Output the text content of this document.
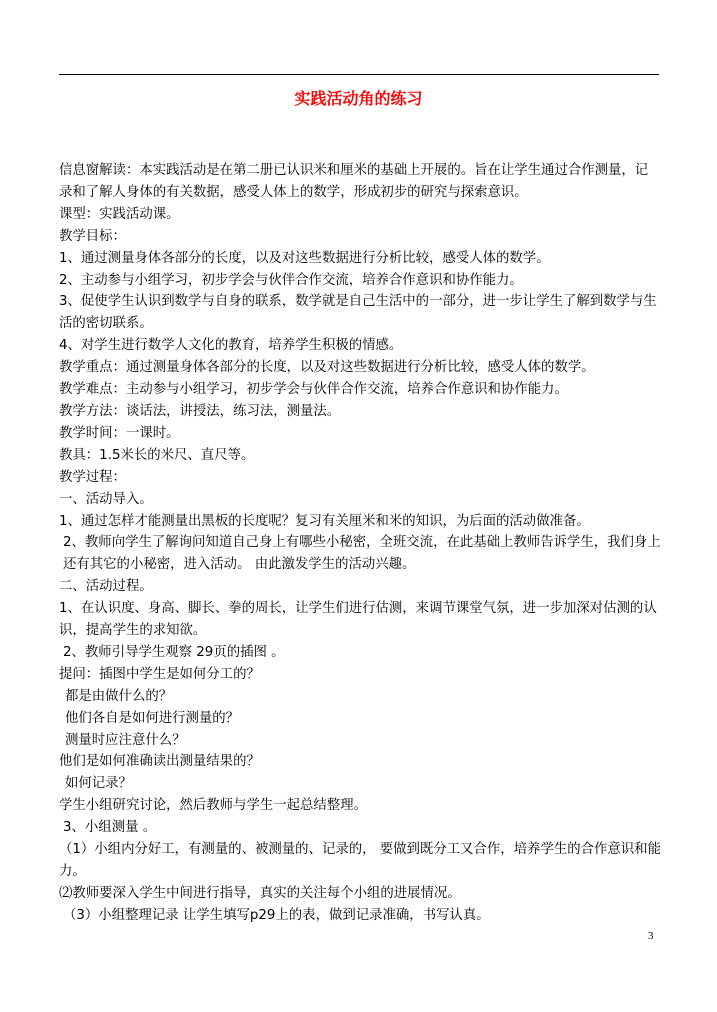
实践活动角的练习

信息窗解读：本实践活动是在第二册已认识米和厘米的基础上开展的。旨在让学生通过合作测量，记录和了解人身体的有关数据，感受人体上的数学，形成初步的研究与探索意识。

课型：实践活动课。

教学目标：

1、通过测量身体各部分的长度，以及对这些数据进行分析比较，感受人体的数学。

2、主动参与小组学习，初步学会与伙伴合作交流，培养合作意识和协作能力。

3、促使学生认识到数学与自身的联系，数学就是自己生活中的一部分，进一步让学生了解到数学与生活的密切联系。

4、对学生进行数学人文化的教育，培养学生积极的情感。

教学重点：通过测量身体各部分的长度，以及对这些数据进行分析比较，感受人体的数学。

教学难点：主动参与小组学习，初步学会与伙伴合作交流，培养合作意识和协作能力。

教学方法：谈话法，讲授法，练习法，测量法。

教学时间：一课时。

教具：1.5米长的米尺、直尺等。

教学过程：

一、活动导入。

1、通过怎样才能测量出黑板的长度呢？复习有关厘米和米的知识，为后面的活动做准备。

2、教师向学生了解询问知道自己身上有哪些小秘密，全班交流，在此基础上教师告诉学生，我们身上还有其它的小秘密，进入活动。 由此激发学生的活动兴趣。

二、活动过程。

1、在认识度、身高、脚长、拳的周长，让学生们进行估测，来调节课堂气氛，进一步加深对估测的认识，提高学生的求知欲。

2、教师引导学生观察 29页的插图 。

提问：插图中学生是如何分工的？

都是由做什么的？

他们各自是如何进行测量的？

测量时应注意什么？

他们是如何准确读出测量结果的？

如何记录？

学生小组研究讨论，然后教师与学生一起总结整理。

3、小组测量 。

（1）小组内分好工，有测量的、被测量的、记录的， 要做到既分工又合作，培养学生的合作意识和能力。

⑵教师要深入学生中间进行指导，真实的关注每个小组的进展情况。

（3）小组整理记录 让学生填写p29上的表，做到记录准确，书写认真。

3
